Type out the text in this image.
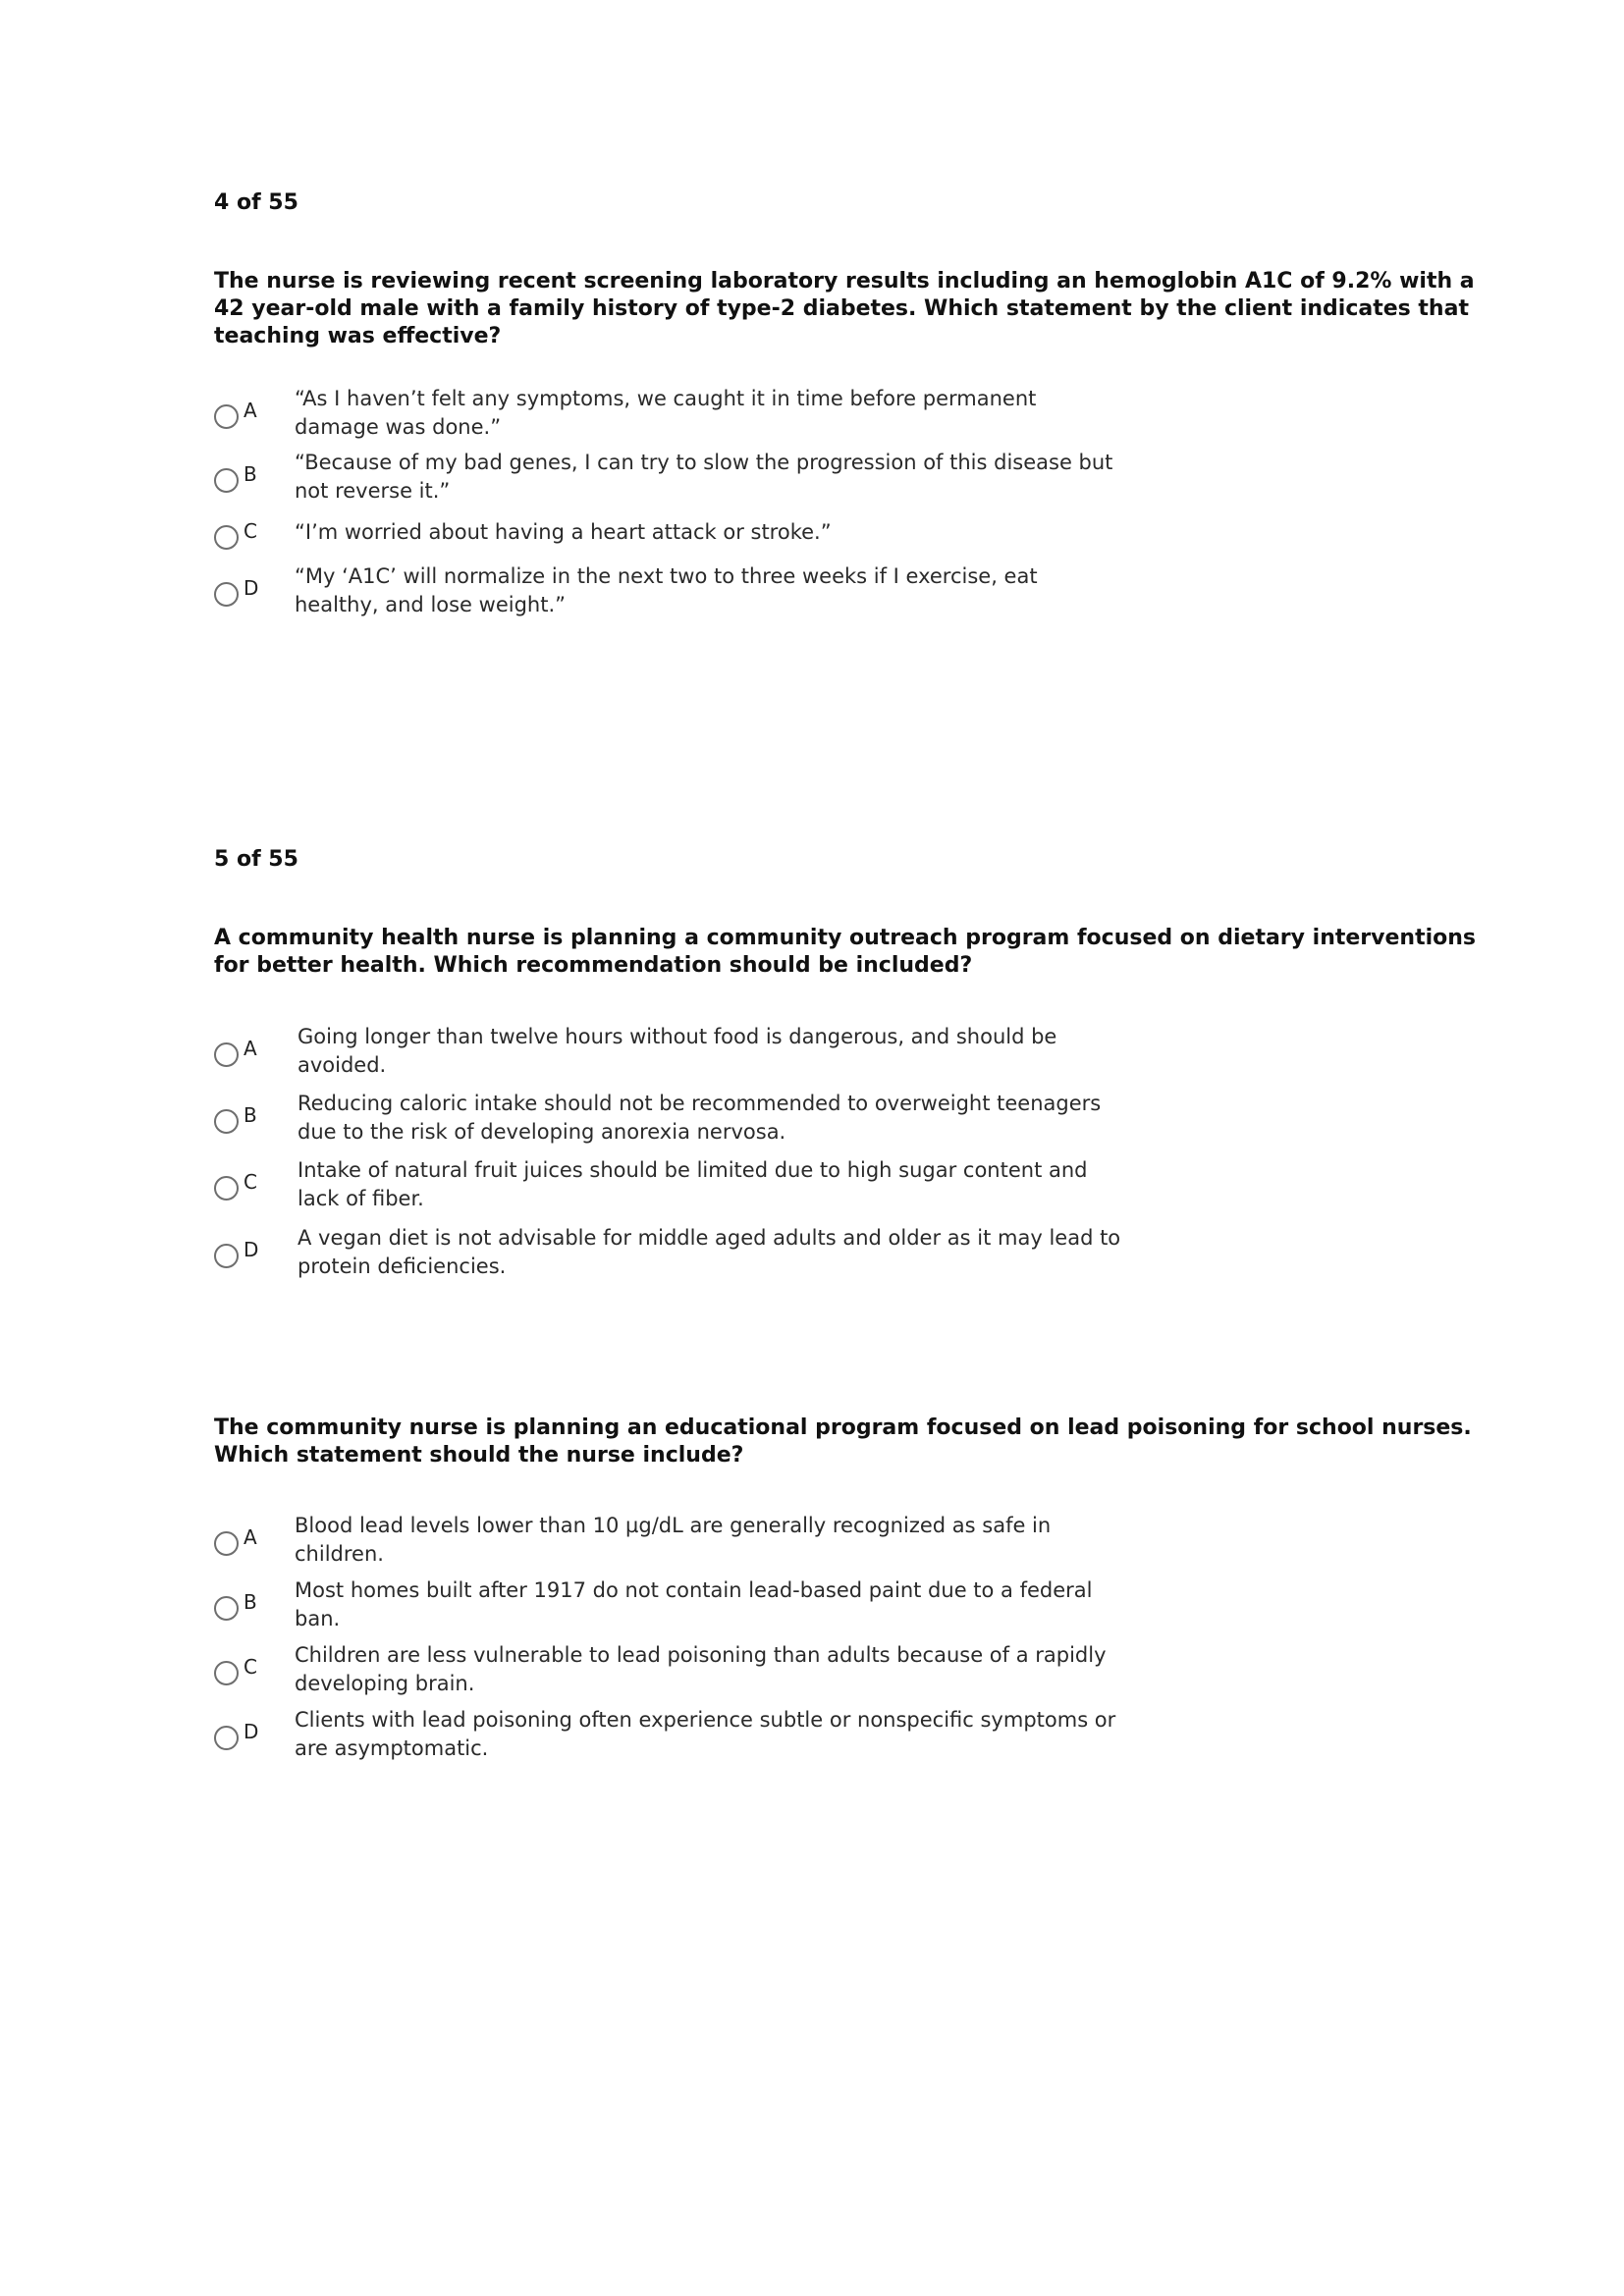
4 of 55
The nurse is reviewing recent screening laboratory results including an hemoglobin A1C of 9.2% with a 42 year-old male with a family history of type-2 diabetes. Which statement by the client indicates that teaching was effective?
A “As I haven’t felt any symptoms, we caught it in time before permanent damage was done.”
B “Because of my bad genes, I can try to slow the progression of this disease but not reverse it.”
C “I’m worried about having a heart attack or stroke.”
D “My ‘A1C’ will normalize in the next two to three weeks if I exercise, eat healthy, and lose weight.”
5 of 55
A community health nurse is planning a community outreach program focused on dietary interventions for better health. Which recommendation should be included?
A Going longer than twelve hours without food is dangerous, and should be avoided.
B Reducing caloric intake should not be recommended to overweight teenagers due to the risk of developing anorexia nervosa.
C Intake of natural fruit juices should be limited due to high sugar content and lack of fiber.
D A vegan diet is not advisable for middle aged adults and older as it may lead to protein deficiencies.
The community nurse is planning an educational program focused on lead poisoning for school nurses. Which statement should the nurse include?
A Blood lead levels lower than 10 µg/dL are generally recognized as safe in children.
B Most homes built after 1917 do not contain lead-based paint due to a federal ban.
C Children are less vulnerable to lead poisoning than adults because of a rapidly developing brain.
D Clients with lead poisoning often experience subtle or nonspecific symptoms or are asymptomatic.
